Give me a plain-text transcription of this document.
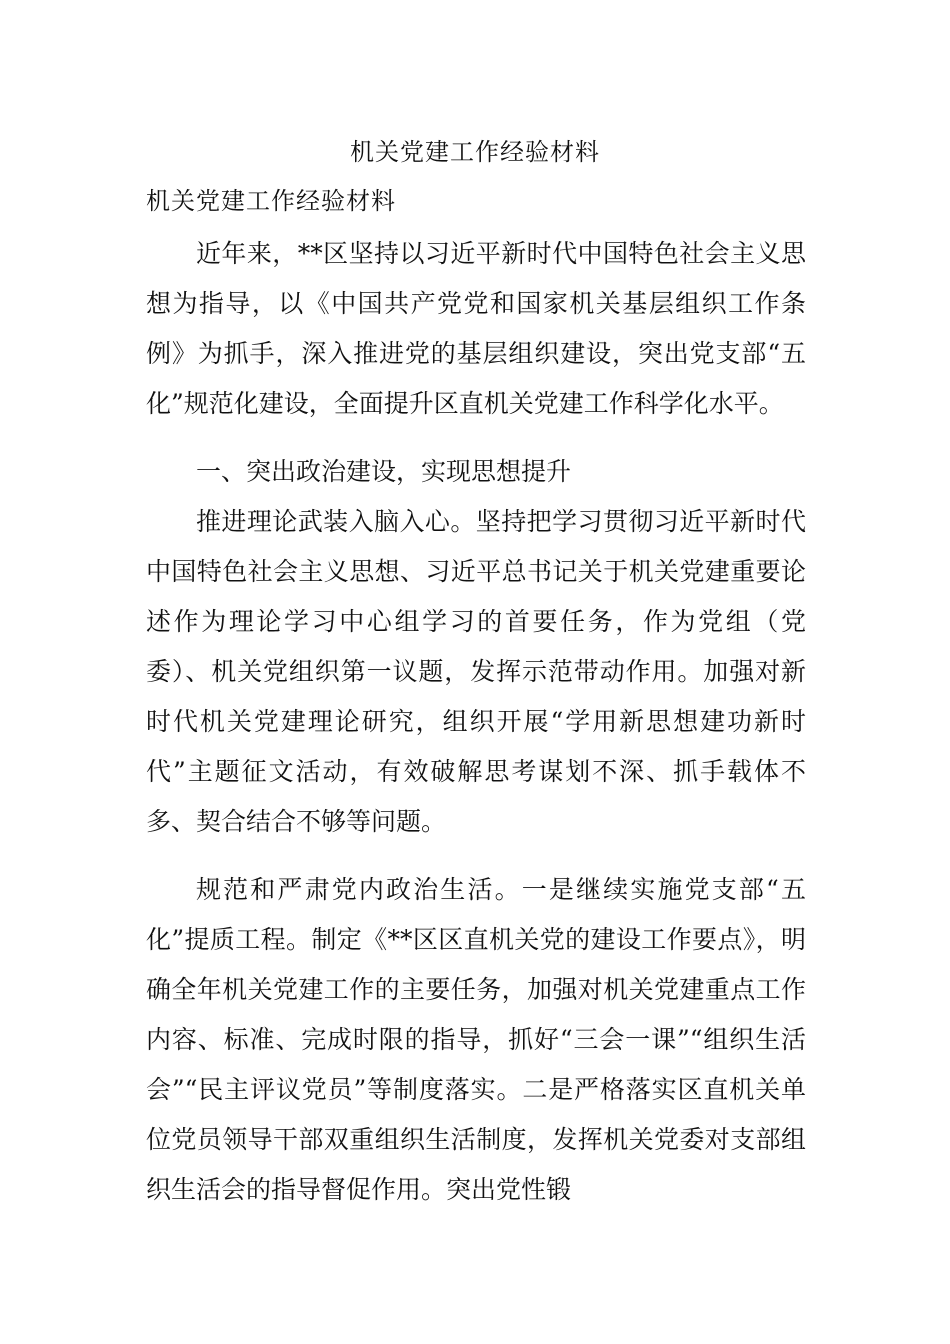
机关党建工作经验材料
机关党建工作经验材料

近年来，**区坚持以习近平新时代中国特色社会主义思想为指导，以《中国共产党党和国家机关基层组织工作条例》为抓手，深入推进党的基层组织建设，突出党支部“五化”规范化建设，全面提升区直机关党建工作科学化水平。

一、突出政治建设，实现思想提升

推进理论武装入脑入心。坚持把学习贯彻习近平新时代中国特色社会主义思想、习近平总书记关于机关党建重要论述作为理论学习中心组学习的首要任务，作为党组（党委）、机关党组织第一议题，发挥示范带动作用。加强对新时代机关党建理论研究，组织开展“学用新思想建功新时代”主题征文活动，有效破解思考谋划不深、抓手载体不多、契合结合不够等问题。

规范和严肃党内政治生活。一是继续实施党支部“五化”提质工程。制定《**区区直机关党的建设工作要点》，明确全年机关党建工作的主要任务，加强对机关党建重点工作内容、标准、完成时限的指导，抓好“三会一课”“组织生活会”“民主评议党员”等制度落实。二是严格落实区直机关单位党员领导干部双重组织生活制度，发挥机关党委对支部组织生活会的指导督促作用。突出党性锻
